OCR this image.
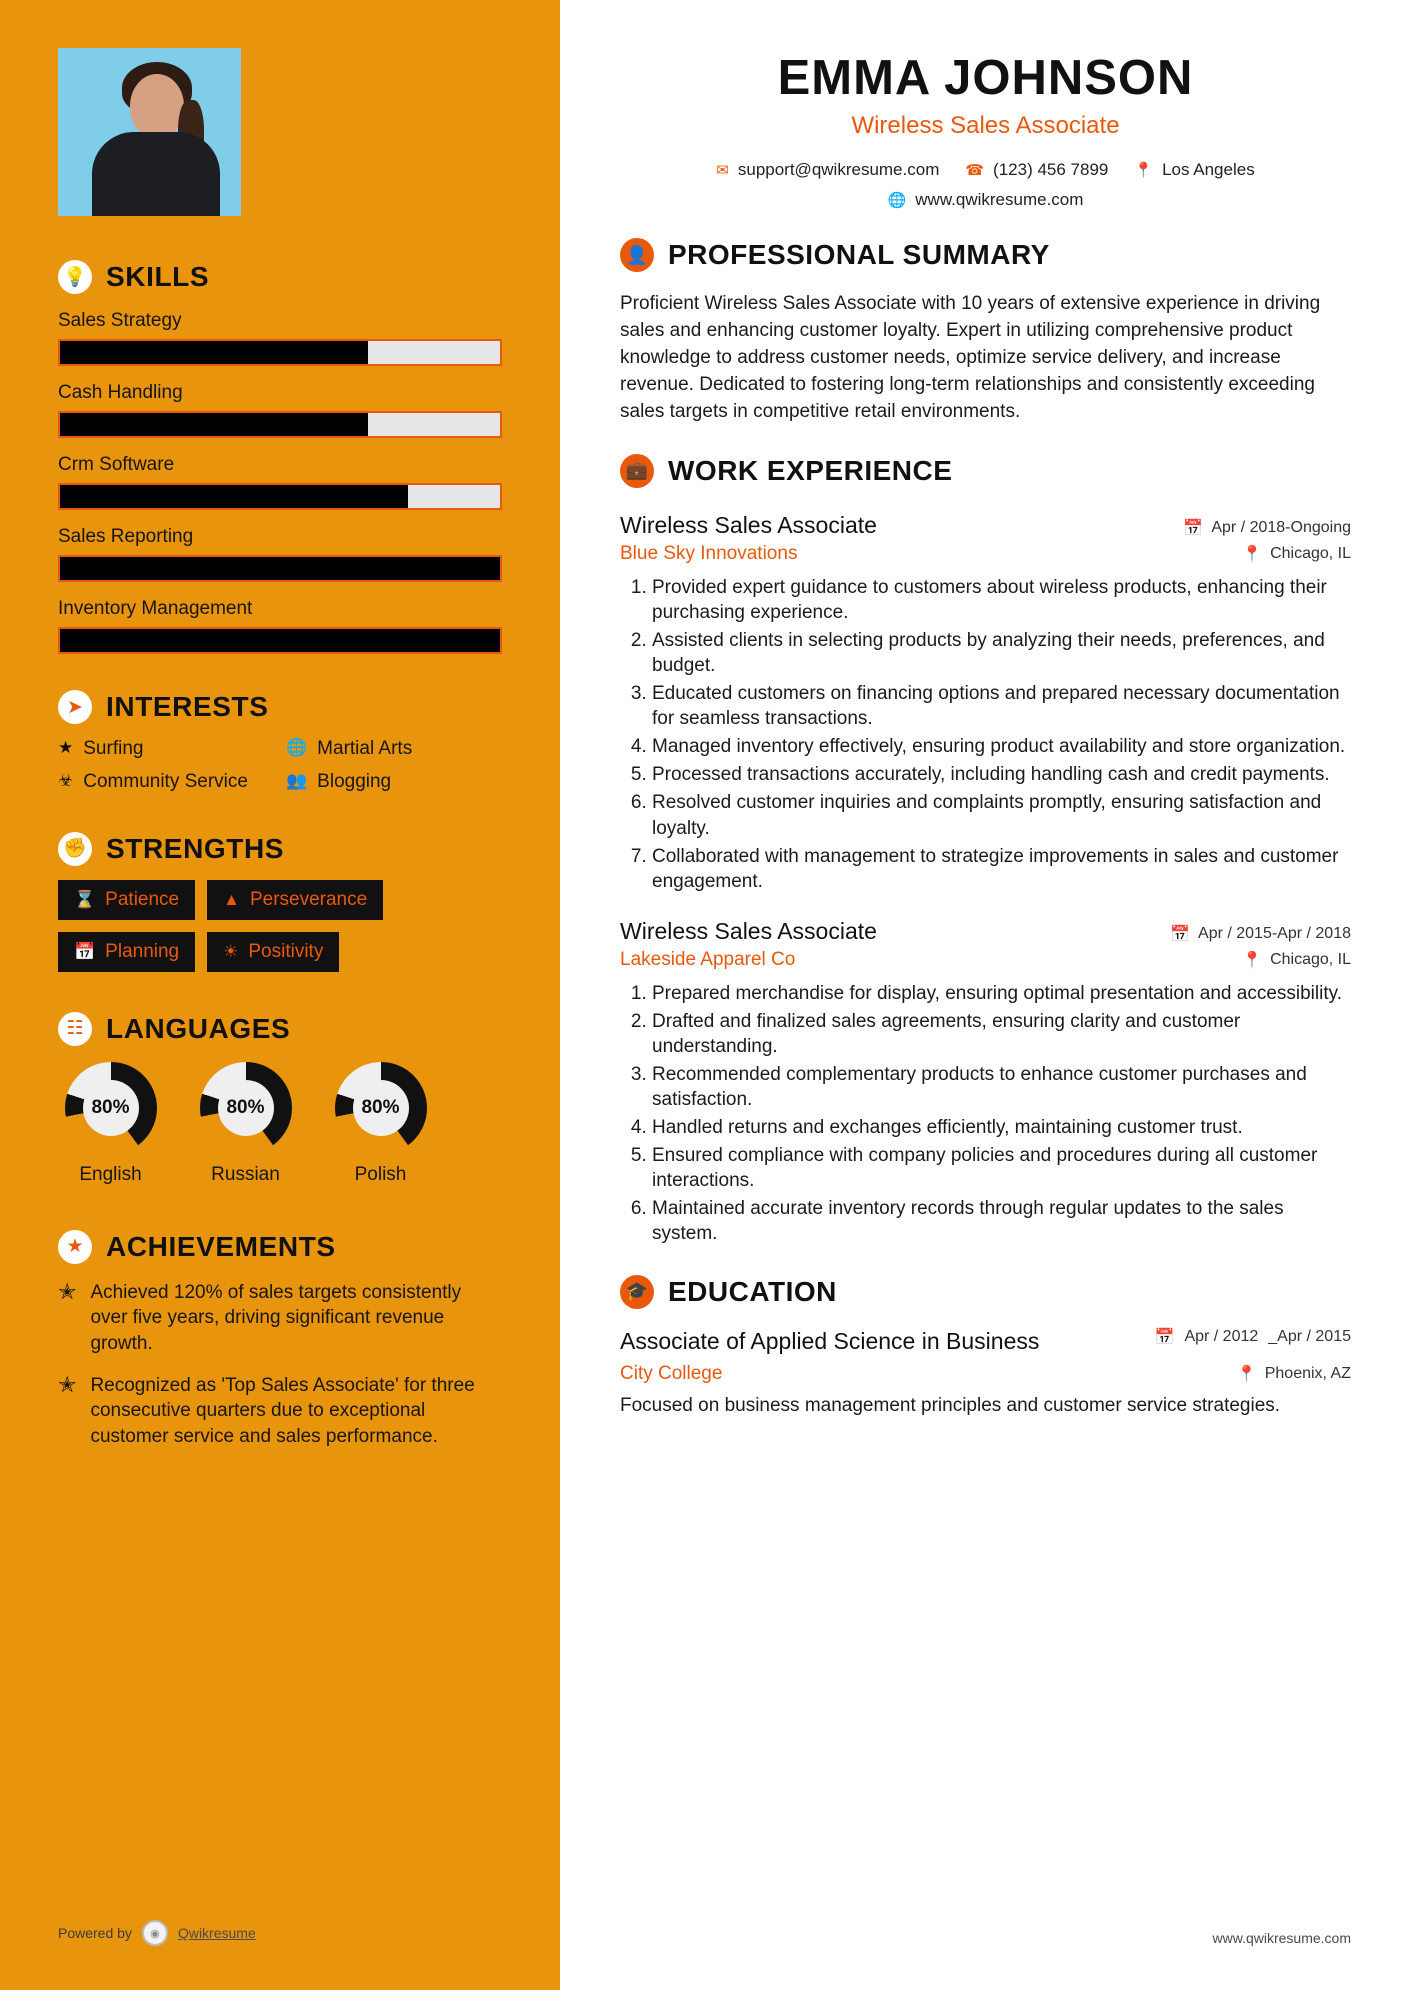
💡 SKILLS
Sales Strategy
Cash Handling
Crm Software
Sales Reporting
Inventory Management
➤ INTERESTS
★ Surfing	🌐 Martial Arts
☣ Community Service 👥 Blogging
✊ STRENGTHS
⌛ Patience	▲ Perseverance
📅 Planning	☀ Positivity
☷ LANGUAGES
80%
English
80%
Russian
80%
Polish
★ ACHIEVEMENTS
✭ Achieved 120% of sales targets consistently over five years, driving significant revenue growth.
✭ Recognized as 'Top Sales Associate' for three consecutive quarters due to exceptional customer service and sales performance.
Powered by	◉	Qwikresume
EMMA JOHNSON
Wireless Sales Associate
✉ support@qwikresume.com ☎ (123) 456 7899 📍 Los Angeles
🌐 www.qwikresume.com
👤 PROFESSIONAL SUMMARY

Proficient Wireless Sales Associate with 10 years of extensive experience in driving sales and enhancing customer loyalty. Expert in utilizing comprehensive product knowledge to address customer needs, optimize service delivery, and increase revenue. Dedicated to fostering long-term relationships and consistently exceeding sales targets in competitive retail environments.

💼 WORK EXPERIENCE
Wireless Sales Associate	📅 Apr / 2018-Ongoing
Blue Sky Innovations	📍 Chicago, IL
1. Provided expert guidance to customers about wireless products, enhancing their purchasing experience.
2. Assisted clients in selecting products by analyzing their needs, preferences, and budget.
3. Educated customers on financing options and prepared necessary documentation for seamless transactions.
4. Managed inventory effectively, ensuring product availability and store organization.
5. Processed transactions accurately, including handling cash and credit payments.
6. Resolved customer inquiries and complaints promptly, ensuring satisfaction and loyalty.
7. Collaborated with management to strategize improvements in sales and customer engagement.
Wireless Sales Associate	📅 Apr / 2015-Apr / 2018
Lakeside Apparel Co	📍 Chicago, IL
1. Prepared merchandise for display, ensuring optimal presentation and accessibility.
2. Drafted and finalized sales agreements, ensuring clarity and customer understanding.
3. Recommended complementary products to enhance customer purchases and satisfaction.
4. Handled returns and exchanges efficiently, maintaining customer trust.
5. Ensured compliance with company policies and procedures during all customer interactions.
6. Maintained accurate inventory records through regular updates to the sales system.
🎓 EDUCATION
Associate of Applied Science in Business	📅 Apr / 2012 _Apr / 2015
City College	📍 Phoenix, AZ

Focused on business management principles and customer service strategies.

www.qwikresume.com
